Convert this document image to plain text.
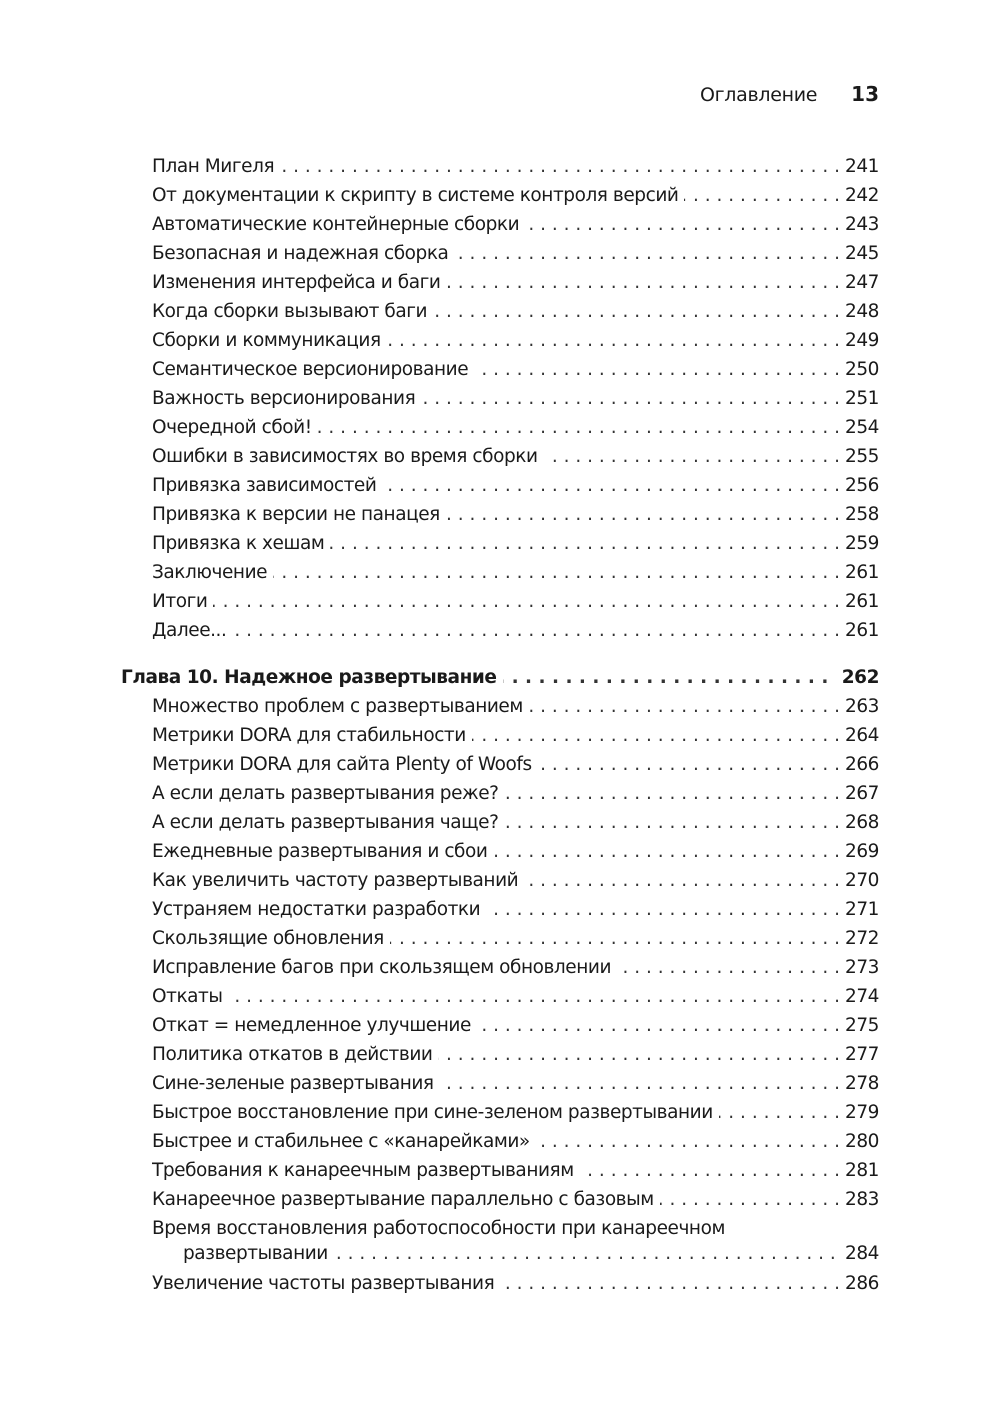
Оглавление 13
. . .
План Мигеля	241
. . .
От документации к скрипту в системе контроля версий	242
. . .
Автоматические контейнерные сборки	243
. . .
Безопасная и надежная сборка	245
. . .
Изменения интерфейса и баги	247
. . .
Когда сборки вызывают баги	248
. . .
Сборки и коммуникация	249
. . .
Семантическое версионирование	250
. . .
Важность версионирования	251
. . .
Очередной сбой!	254
. . .
Ошибки в зависимостях во время сборки	255
. . .
Привязка зависимостей	256
. . .
Привязка к версии не панацея	258
. . .
Привязка к хешам	259
. . .
Заключение	261
. . .
Итоги	261
. . .
Далее...	261
. . .
Глава 10. Надежное развертывание	262
. . .
Множество проблем с развертыванием	263
. . .
Метрики DORA для стабильности	264
. . .
Метрики DORA для сайта Plenty of Woofs	266
. . .
А если делать развертывания реже?	267
. . .
А если делать развертывания чаще?	268
. . .
Ежедневные развертывания и сбои	269
. . .
Как увеличить частоту развертываний	270
. . .
Устраняем недостатки разработки	271
. . .
Скользящие обновления	272
. . .
Исправление багов при скользящем обновлении	273
. . .
Откаты	274
. . .
Откат = немедленное улучшение	275
. . .
Политика откатов в действии	277
. . .
Сине-зеленые развертывания	278
. . .
Быстрое восстановление при сине-зеленом развертывании	279
. . .
Быстрее и стабильнее с «канарейками»	280
. . .
Требования к канареечным развертываниям	281
. . .
Канареечное развертывание параллельно с базовым	283
Время восстановления работоспособности при канареечном
. . .
развертывании	284
. . .
Увеличение частоты развертывания	286
